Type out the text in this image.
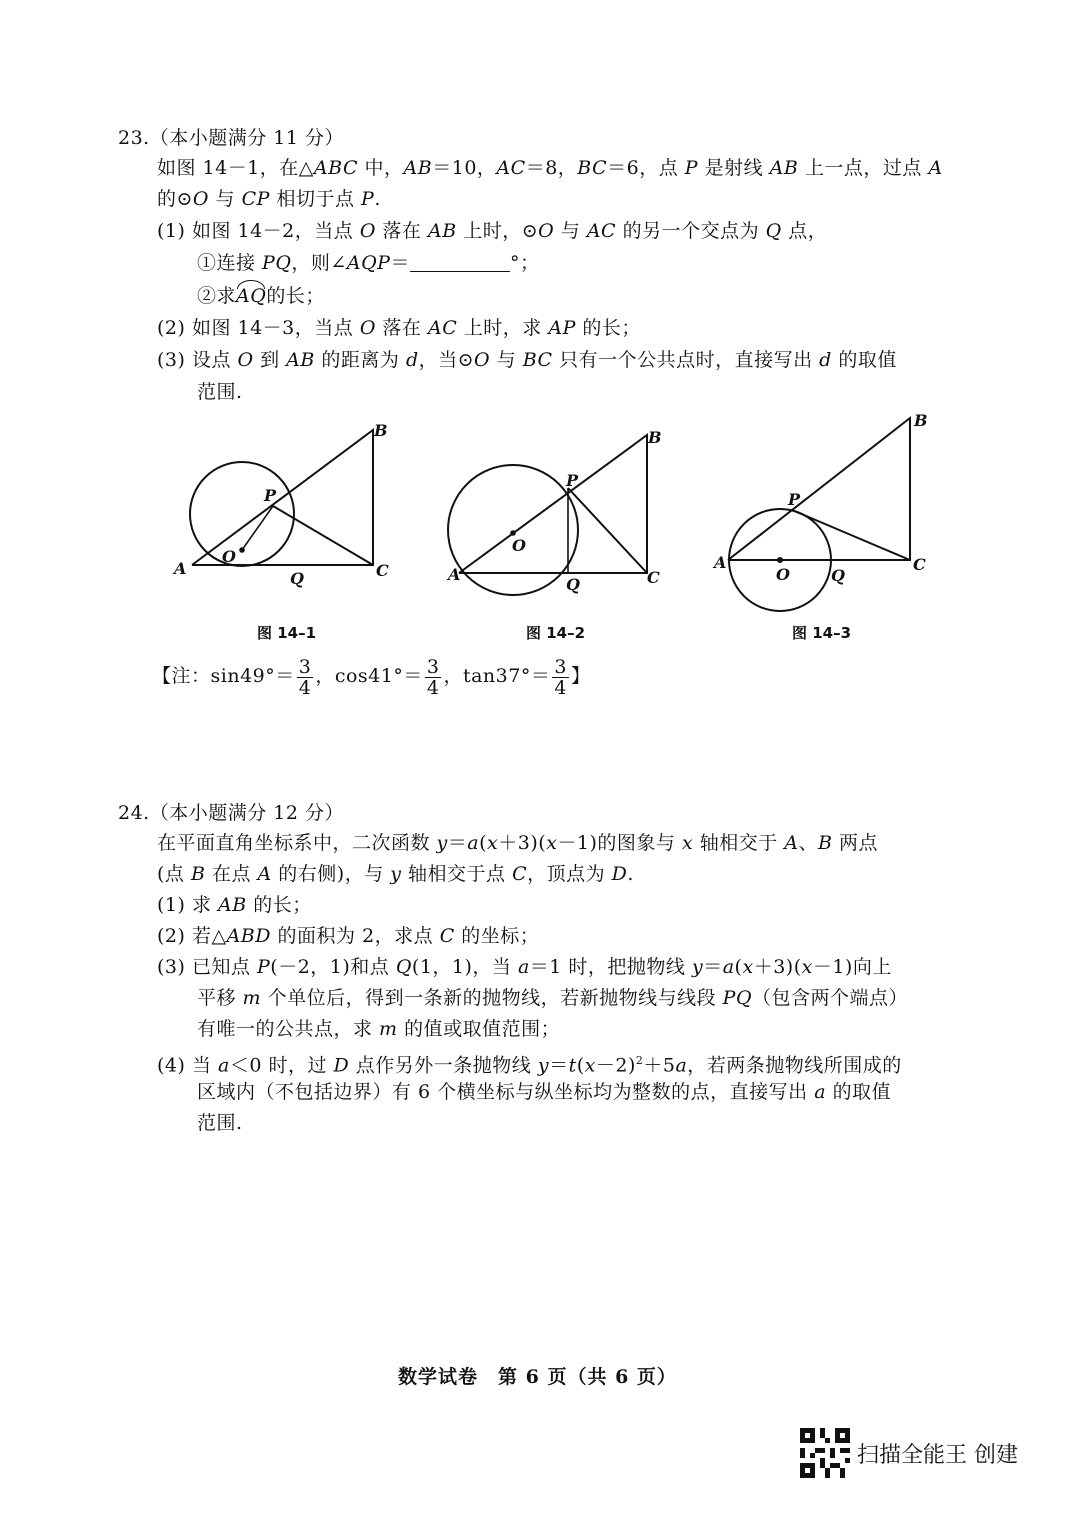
23.（本小题满分 11 分）
如图 14－1，在△ABC 中，AB＝10，AC＝8，BC＝6，点 P 是射线 AB 上一点，过点 A
的⊙O 与 CP 相切于点 P.
(1) 如图 14－2，当点 O 落在 AB 上时，⊙O 与 AC 的另一个交点为 Q 点，
①连接 PQ，则∠AQP＝	°；
②求AQ的长；
(2) 如图 14－3，当点 O 落在 AC 上时，求 AP 的长；
(3) 设点 O 到 AB 的距离为 d，当⊙O 与 BC 只有一个公共点时，直接写出 d 的取值
范围.
A
B
C
P
O
Q
图 14–1
A
B
C
P
O
Q
图 14–2
A
B
C
P
O	Q
图 14–3
【注：$\sin 49^\circ= \frac{3}{4}$ ，$\cos 41^\circ= \frac{3}{4}$ ，$\tan 37^\circ= \frac{3}{4}$ 】
24.（本小题满分 12 分）
在平面直角坐标系中，二次函数 y＝a(x＋3)(x－1)的图象与 x 轴相交于 A、B 两点
(点 B 在点 A 的右侧)，与 y 轴相交于点 C，顶点为 D.
(1) 求 AB 的长；
(2) 若△ABD 的面积为 2，求点 C 的坐标；
(3) 已知点 P(－2，1)和点 Q(1，1)，当 a＝1 时，把抛物线 y＝a(x＋3)(x－1)向上
平移 m 个单位后，得到一条新的抛物线，若新抛物线与线段 PQ（包含两个端点）
有唯一的公共点，求 m 的值或取值范围；
(4) 当 a＜0 时，过 D 点作另外一条抛物线 $y=t(x-2)^2+5a$，若两条抛物线所围成的
区域内（不包括边界）有 6 个横坐标与纵坐标均为整数的点，直接写出 a 的取值
范围.
数学试卷　第 6 页（共 6 页）
扫描全能王 创建
